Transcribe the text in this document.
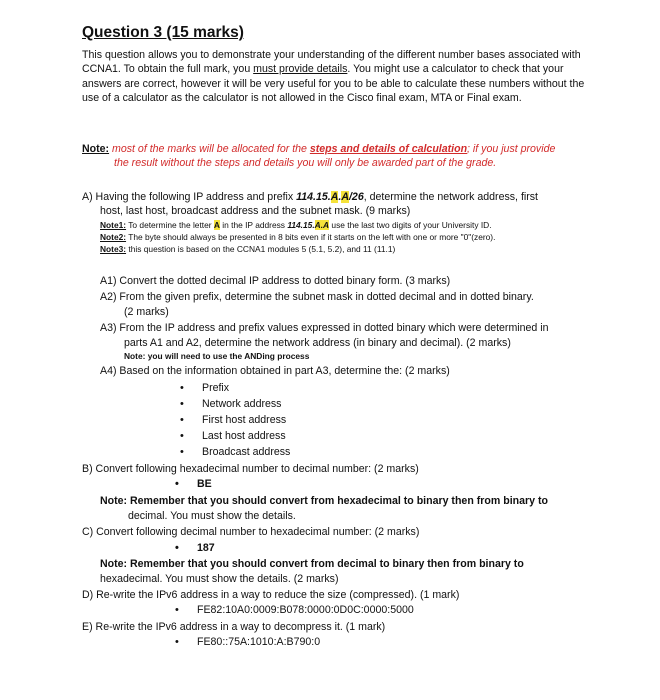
Question 3 (15 marks)
This question allows you to demonstrate your understanding of the different number bases associated with CCNA1. To obtain the full mark, you must provide details. You might use a calculator to check that your answers are correct, however it will be very useful for you to be able to calculate these numbers without the use of a calculator as the calculator is not allowed in the Cisco final exam, MTA or Final exam.
Note: most of the marks will be allocated for the steps and details of calculation; if you just provide
the result without the steps and details you will only be awarded part of the grade.
A) Having the following IP address and prefix 114.15.A.A/26, determine the network address, first
host, last host, broadcast address and the subnet mask. (9 marks)
Note1: To determine the letter A in the IP address 114.15.A.A use the last two digits of your University ID.
Note2: The byte should always be presented in 8 bits even if it starts on the left with one or more "0"(zero).
Note3: this question is based on the CCNA1 modules 5 (5.1, 5.2), and 11 (11.1)
A1) Convert the dotted decimal IP address to dotted binary form. (3 marks)
A2) From the given prefix, determine the subnet mask in dotted decimal and in dotted binary.
(2 marks)
A3) From the IP address and prefix values expressed in dotted binary which were determined in
parts A1 and A2, determine the network address (in binary and decimal). (2 marks)
Note: you will need to use the ANDing process
A4) Based on the information obtained in part A3, determine the: (2 marks)
• Prefix
• Network address
• First host address
• Last host address
• Broadcast address
B) Convert following hexadecimal number to decimal number: (2 marks)
• BE
Note: Remember that you should convert from hexadecimal to binary then from binary to
decimal. You must show the details.
C) Convert following decimal number to hexadecimal number: (2 marks)
• 187
Note: Remember that you should convert from decimal to binary then from binary to
hexadecimal. You must show the details. (2 marks)
D) Re-write the IPv6 address in a way to reduce the size (compressed). (1 mark)
• FE82:10A0:0009:B078:0000:0D0C:0000:5000
E) Re-write the IPv6 address in a way to decompress it. (1 mark)
• FE80::75A:1010:A:B790:0
